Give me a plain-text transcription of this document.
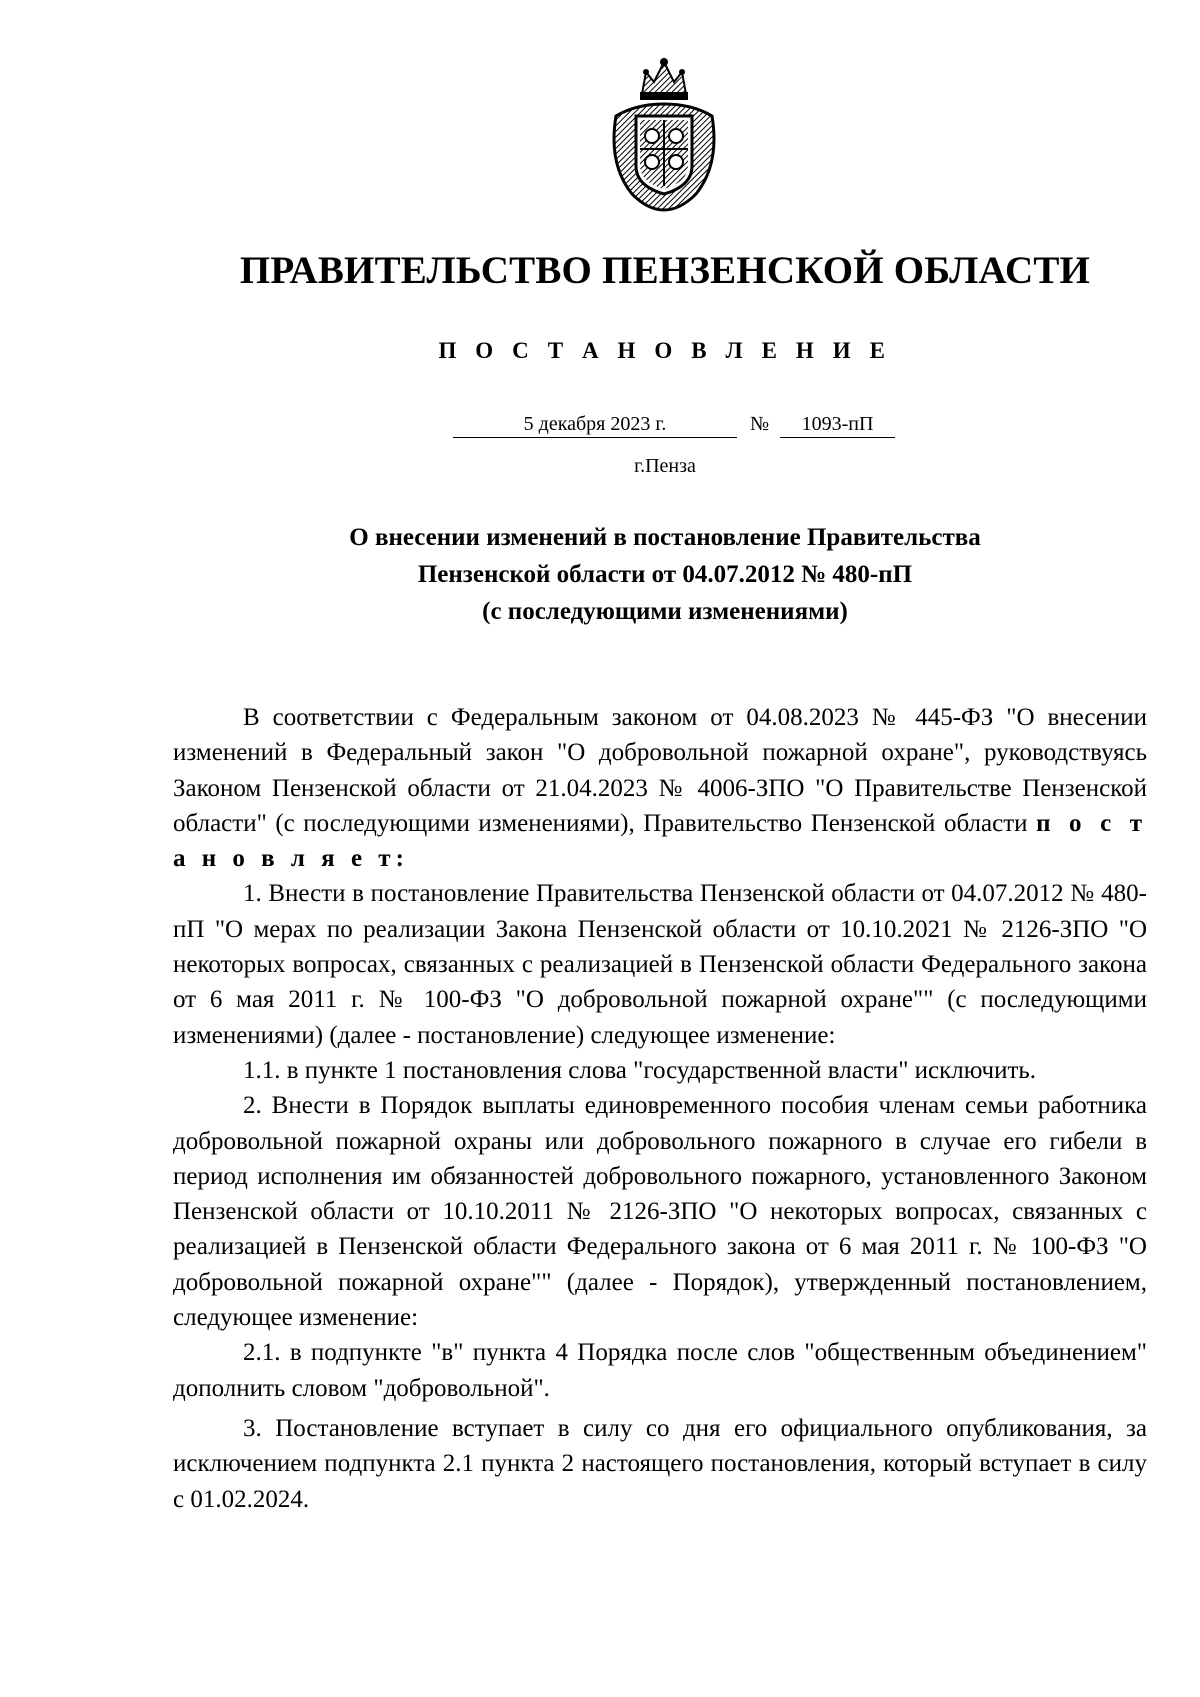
ПРАВИТЕЛЬСТВО ПЕНЗЕНСКОЙ ОБЛАСТИ
П О С Т А Н О В Л Е Н И Е
5 декабря 2023 г.	№	1093-пП
г.Пенза
О внесении изменений в постановление Правительства
Пензенской области от 04.07.2012 № 480-пП
(с последующими изменениями)

В соответствии с Федеральным законом от 04.08.2023 № 445-ФЗ "О внесении изменений в Федеральный закон "О добровольной пожарной охране", руководствуясь Законом Пензенской области от 21.04.2023 № 4006-ЗПО "О Правительстве Пензенской области" (с последующими изменениями), Правительство Пензенской области п о с т а н о в л я е т:

1. Внести в постановление Правительства Пензенской области от 04.07.2012 № 480-пП "О мерах по реализации Закона Пензенской области от 10.10.2021 № 2126-ЗПО "О некоторых вопросах, связанных с реализацией в Пензенской области Федерального закона от 6 мая 2011 г. № 100-ФЗ "О добровольной пожарной охране"" (с последующими изменениями) (далее - постановление) следующее изменение:

1.1. в пункте 1 постановления слова "государственной власти" исключить.

2. Внести в Порядок выплаты единовременного пособия членам семьи работника добровольной пожарной охраны или добровольного пожарного в случае его гибели в период исполнения им обязанностей добровольного пожарного, установленного Законом Пензенской области от 10.10.2011 № 2126-ЗПО "О некоторых вопросах, связанных с реализацией в Пензенской области Федерального закона от 6 мая 2011 г. № 100-ФЗ "О добровольной пожарной охране"" (далее - Порядок), утвержденный постановлением, следующее изменение:

2.1. в подпункте "в" пункта 4 Порядка после слов "общественным объединением" дополнить словом "добровольной".

3. Постановление вступает в силу со дня его официального опубликования, за исключением подпункта 2.1 пункта 2 настоящего постановления, который вступает в силу с 01.02.2024.
